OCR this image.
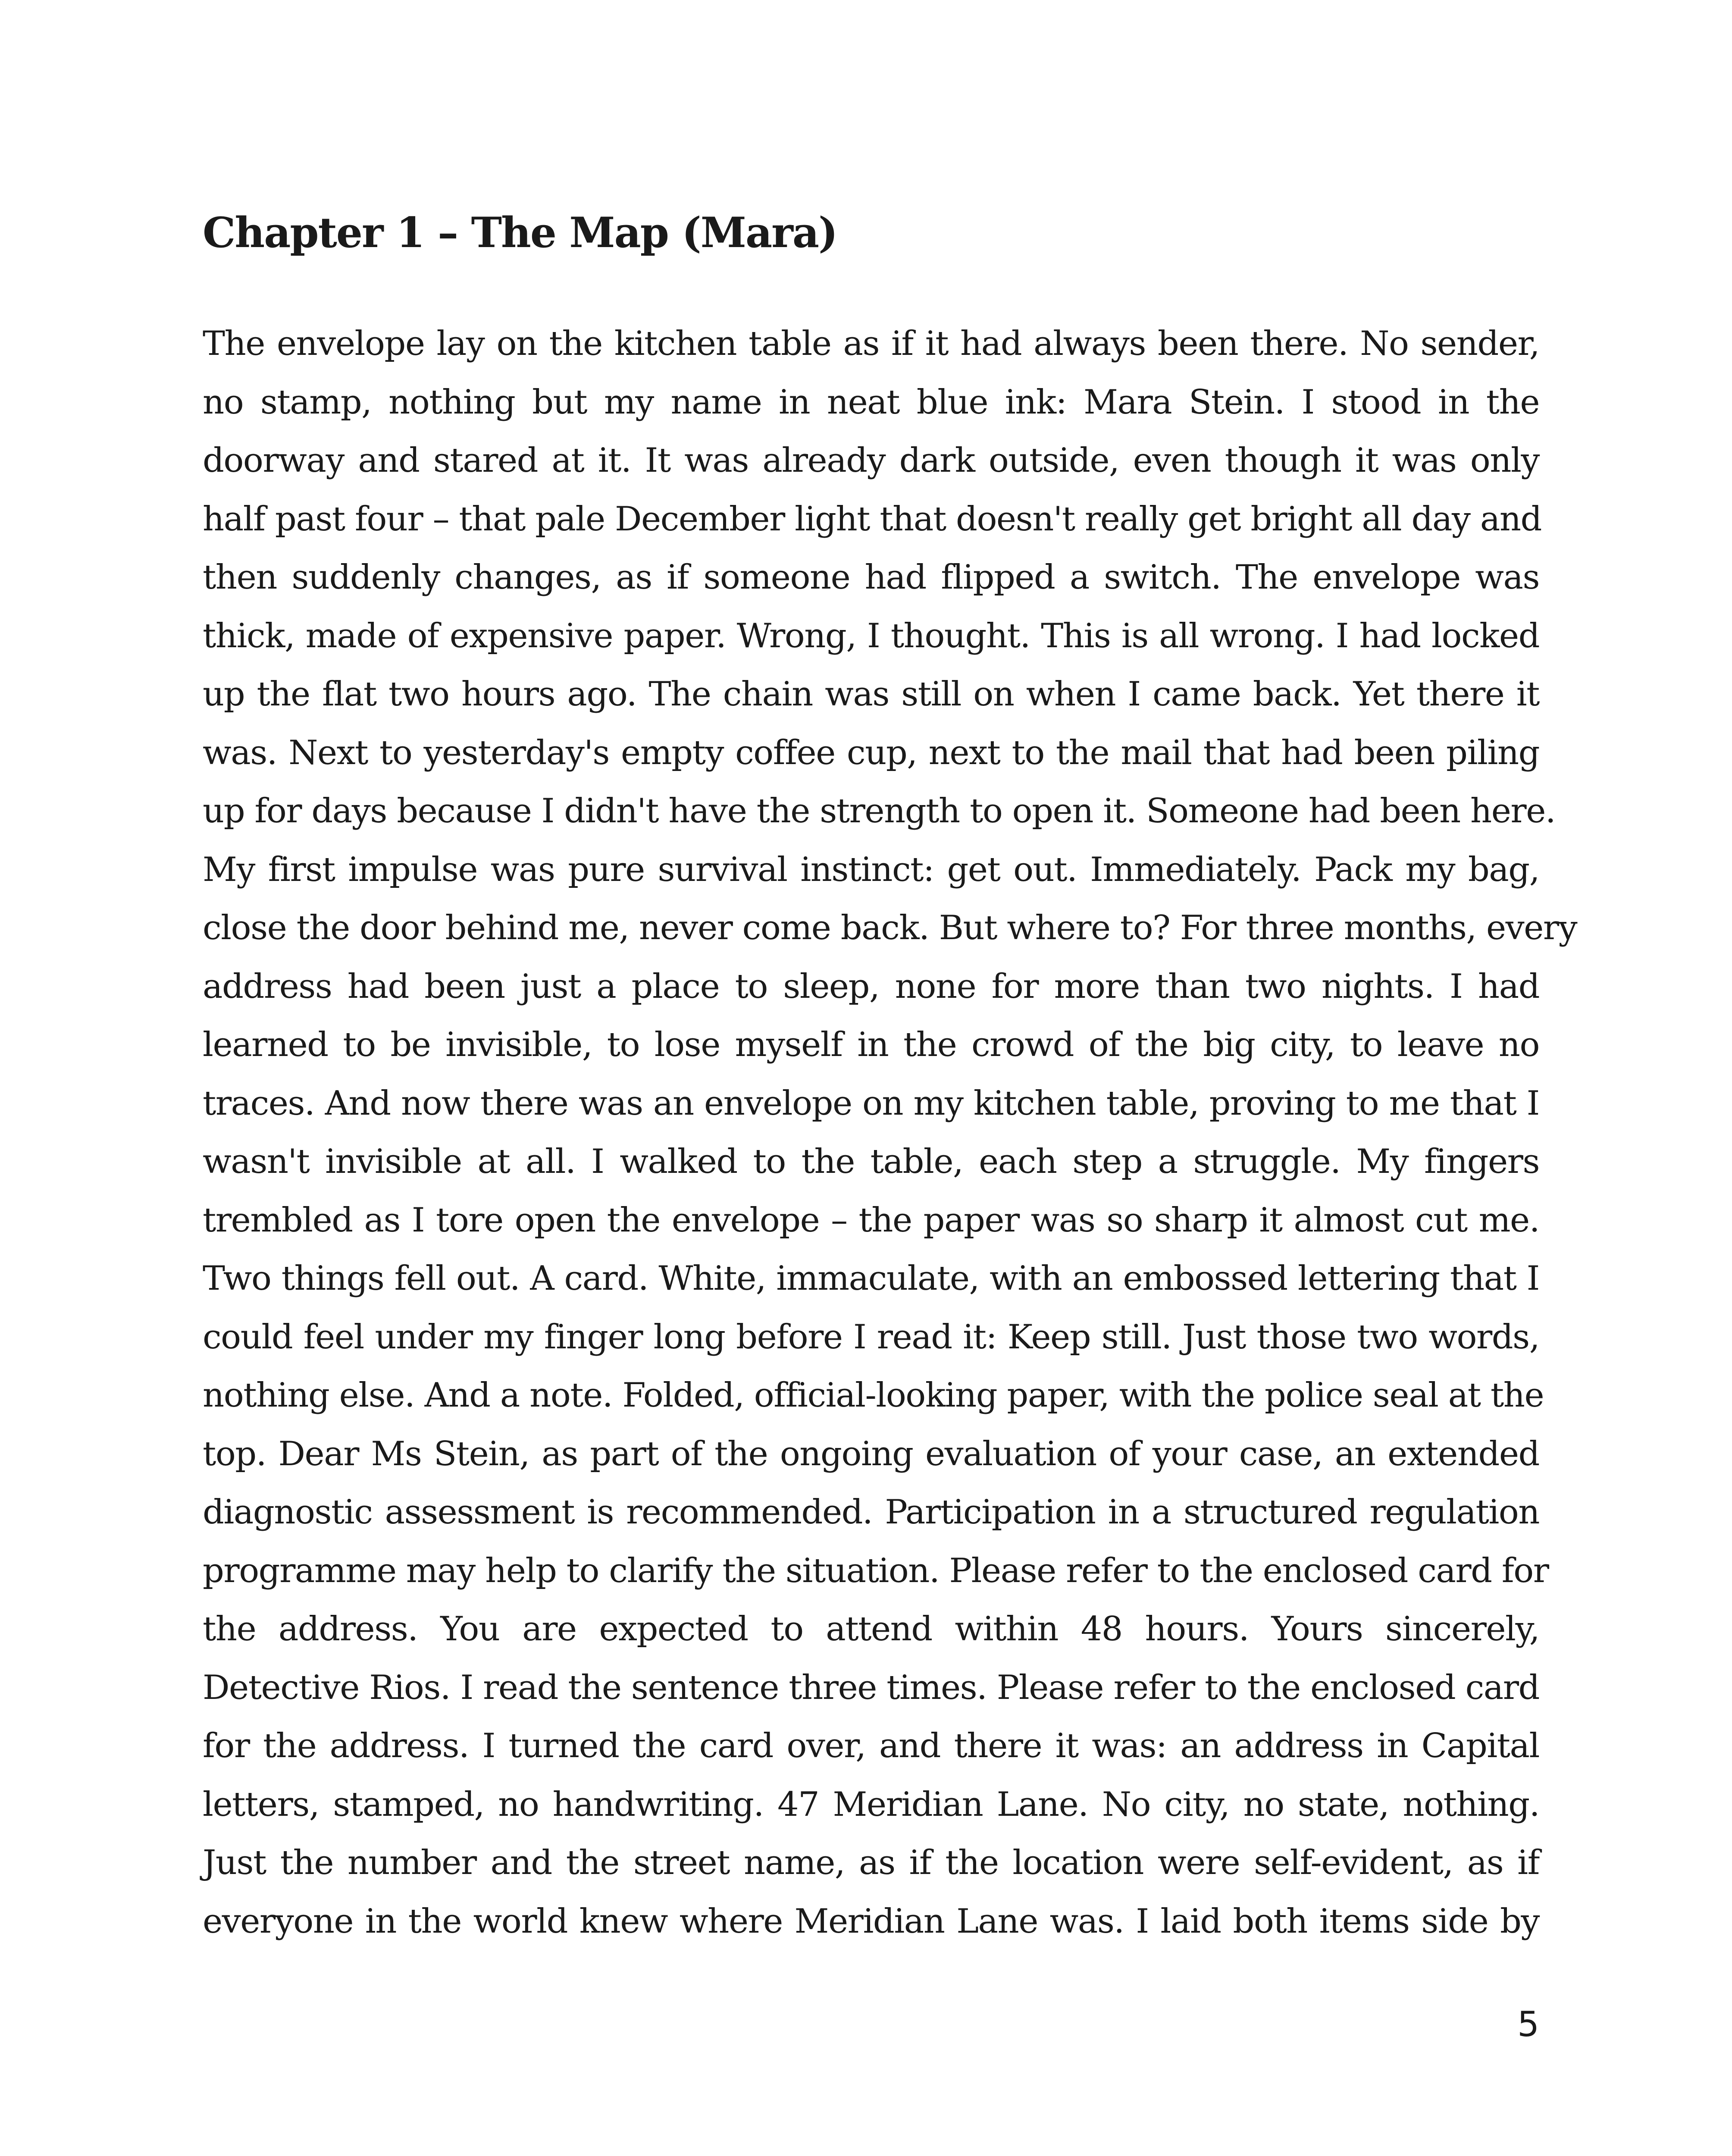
Chapter 1 – The Map (Mara)
The envelope lay on the kitchen table as if it had always been there. No sender,
no stamp, nothing but my name in neat blue ink: Mara Stein. I stood in the
doorway and stared at it. It was already dark outside, even though it was only
half past four – that pale December light that doesn't really get bright all day and
then suddenly changes, as if someone had flipped a switch. The envelope was
thick, made of expensive paper. Wrong, I thought. This is all wrong. I had locked
up the flat two hours ago. The chain was still on when I came back. Yet there it
was. Next to yesterday's empty coffee cup, next to the mail that had been piling
up for days because I didn't have the strength to open it. Someone had been here.
My first impulse was pure survival instinct: get out. Immediately. Pack my bag,
close the door behind me, never come back. But where to? For three months, every
address had been just a place to sleep, none for more than two nights. I had
learned to be invisible, to lose myself in the crowd of the big city, to leave no
traces. And now there was an envelope on my kitchen table, proving to me that I
wasn't invisible at all. I walked to the table, each step a struggle. My fingers
trembled as I tore open the envelope – the paper was so sharp it almost cut me.
Two things fell out. A card. White, immaculate, with an embossed lettering that I
could feel under my finger long before I read it: Keep still. Just those two words,
nothing else. And a note. Folded, official-looking paper, with the police seal at the
top. Dear Ms Stein, as part of the ongoing evaluation of your case, an extended
diagnostic assessment is recommended. Participation in a structured regulation
programme may help to clarify the situation. Please refer to the enclosed card for
the address. You are expected to attend within 48 hours. Yours sincerely,
Detective Rios. I read the sentence three times. Please refer to the enclosed card
for the address. I turned the card over, and there it was: an address in Capital
letters, stamped, no handwriting. 47 Meridian Lane. No city, no state, nothing.
Just the number and the street name, as if the location were self-evident, as if
everyone in the world knew where Meridian Lane was. I laid both items side by
5
